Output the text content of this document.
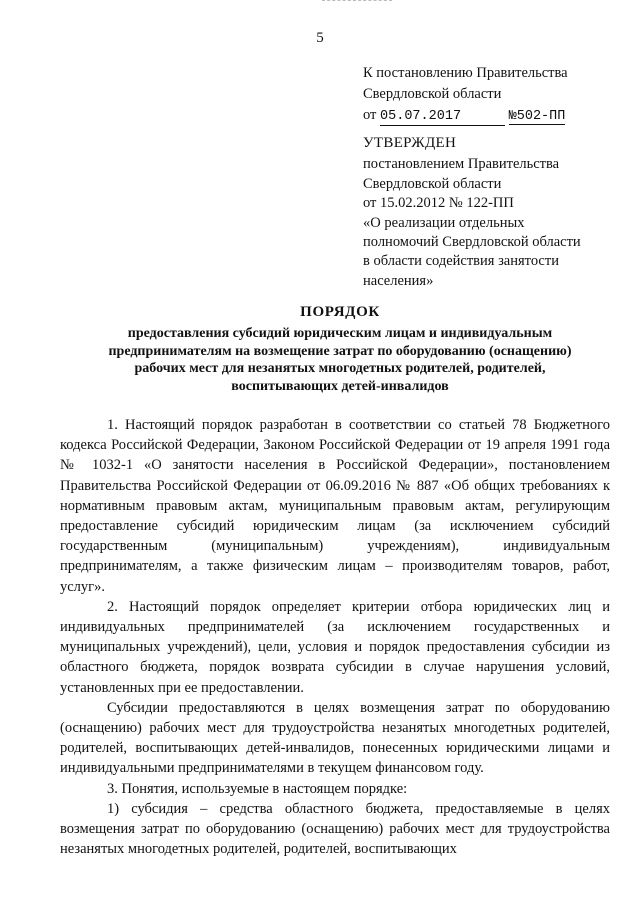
5
К постановлению Правительства
Свердловской области
от 05.07.2017	№502-ПП
УТВЕРЖДЕН
постановлением Правительства
Свердловской области
от 15.02.2012 № 122-ПП
«О реализации отдельных
полномочий Свердловской области
в области содействия занятости
населения»
ПОРЯДОК
предоставления субсидий юридическим лицам и индивидуальным предпринимателям на возмещение затрат по оборудованию (оснащению) рабочих мест для незанятых многодетных родителей, родителей, воспитывающих детей-инвалидов

1. Настоящий порядок разработан в соответствии со статьей 78 Бюджетного кодекса Российской Федерации, Законом Российской Федерации от 19 апреля 1991 года № 1032-1 «О занятости населения в Российской Федерации», постановлением Правительства Российской Федерации от 06.09.2016 № 887 «Об общих требованиях к нормативным правовым актам, муниципальным правовым актам, регулирующим предоставление субсидий юридическим лицам (за исключением субсидий государственным (муниципальным) учреждениям), индивидуальным предпринимателям, а также физическим лицам – производителям товаров, работ, услуг».

2. Настоящий порядок определяет критерии отбора юридических лиц и индивидуальных предпринимателей (за исключением государственных и муниципальных учреждений), цели, условия и порядок предоставления субсидии из областного бюджета, порядок возврата субсидии в случае нарушения условий, установленных при ее предоставлении.

Субсидии предоставляются в целях возмещения затрат по оборудованию (оснащению) рабочих мест для трудоустройства незанятых многодетных родителей, родителей, воспитывающих детей-инвалидов, понесенных юридическими лицами и индивидуальными предпринимателями в текущем финансовом году.

3. Понятия, используемые в настоящем порядке:

1) субсидия – средства областного бюджета, предоставляемые в целях возмещения затрат по оборудованию (оснащению) рабочих мест для трудоустройства незанятых многодетных родителей, родителей, воспитывающих
